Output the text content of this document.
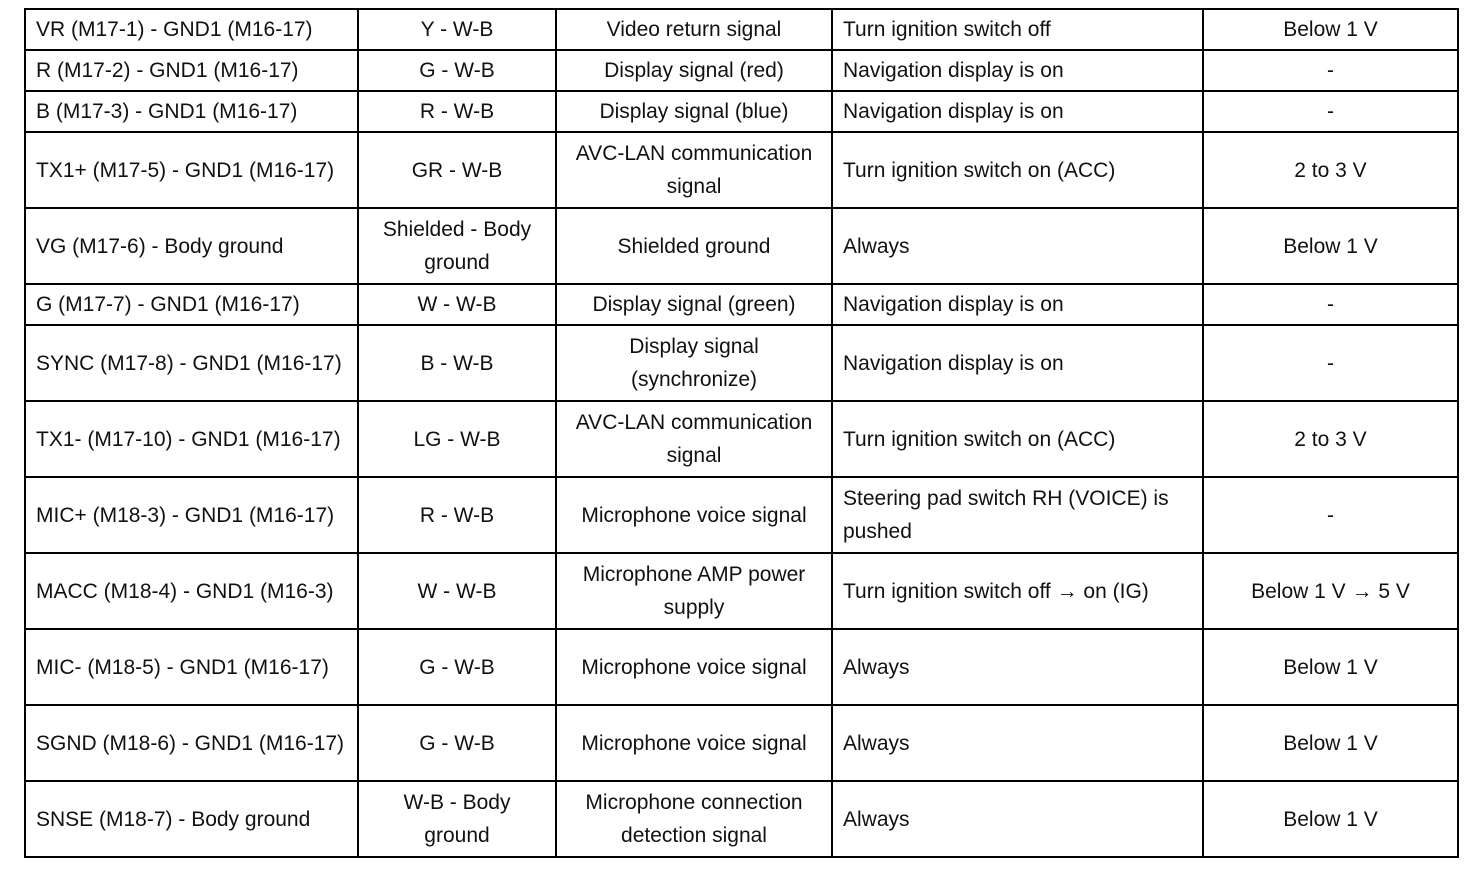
VR (M17-1) - GND1 (M16-17)	Y - W-B	Video return signal	Turn ignition switch off	Below 1 V
R (M17-2) - GND1 (M16-17)	G - W-B	Display signal (red)	Navigation display is on	-
B (M17-3) - GND1 (M16-17)	R - W-B	Display signal (blue)	Navigation display is on	-
TX1+ (M17-5) - GND1 (M16-17)	GR - W-B	AVC-LAN communication signal	Turn ignition switch on (ACC)	2 to 3 V
VG (M17-6) - Body ground	Shielded - Body ground	Shielded ground	Always	Below 1 V
G (M17-7) - GND1 (M16-17)	W - W-B	Display signal (green)	Navigation display is on	-
SYNC (M17-8) - GND1 (M16-17)	B - W-B	Display signal (synchronize)	Navigation display is on	-
TX1- (M17-10) - GND1 (M16-17)	LG - W-B	AVC-LAN communication signal	Turn ignition switch on (ACC)	2 to 3 V
MIC+ (M18-3) - GND1 (M16-17)	R - W-B	Microphone voice signal	Steering pad switch RH (VOICE) is pushed	-
MACC (M18-4) - GND1 (M16-3)	W - W-B	Microphone AMP power supply	Turn ignition switch off → on (IG)	Below 1 V → 5 V
MIC- (M18-5) - GND1 (M16-17)	G - W-B	Microphone voice signal	Always	Below 1 V
SGND (M18-6) - GND1 (M16-17)	G - W-B	Microphone voice signal	Always	Below 1 V
SNSE (M18-7) - Body ground	W-B - Body ground	Microphone connection detection signal	Always	Below 1 V
